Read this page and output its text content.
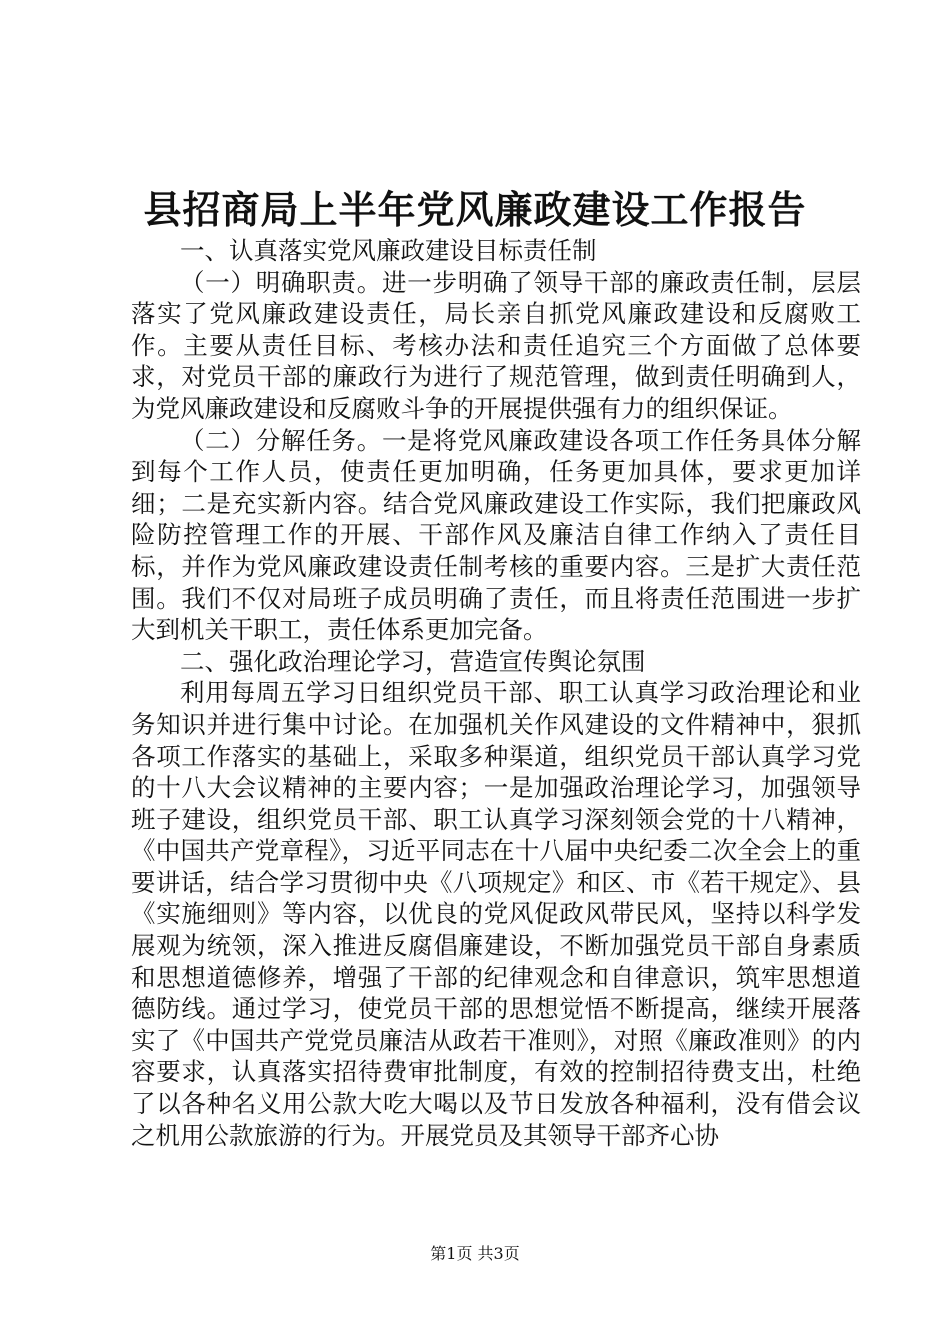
县招商局上半年党风廉政建设工作报告

一、认真落实党风廉政建设目标责任制

（一）明确职责。进一步明确了领导干部的廉政责任制，层层落实了党风廉政建设责任，局长亲自抓党风廉政建设和反腐败工作。主要从责任目标、考核办法和责任追究三个方面做了总体要求，对党员干部的廉政行为进行了规范管理，做到责任明确到人，为党风廉政建设和反腐败斗争的开展提供强有力的组织保证。

（二）分解任务。一是将党风廉政建设各项工作任务具体分解到每个工作人员，使责任更加明确，任务更加具体，要求更加详细；二是充实新内容。结合党风廉政建设工作实际，我们把廉政风险防控管理工作的开展、干部作风及廉洁自律工作纳入了责任目标，并作为党风廉政建设责任制考核的重要内容。三是扩大责任范围。我们不仅对局班子成员明确了责任，而且将责任范围进一步扩大到机关干职工，责任体系更加完备。

二、强化政治理论学习，营造宣传舆论氛围

利用每周五学习日组织党员干部、职工认真学习政治理论和业务知识并进行集中讨论。在加强机关作风建设的文件精神中，狠抓各项工作落实的基础上，采取多种渠道，组织党员干部认真学习党的十八大会议精神的主要内容；一是加强政治理论学习，加强领导班子建设，组织党员干部、职工认真学习深刻领会党的十八精神，《中国共产党章程》，习近平同志在十八届中央纪委二次全会上的重要讲话，结合学习贯彻中央《八项规定》和区、市《若干规定》、县《实施细则》等内容，以优良的党风促政风带民风，坚持以科学发展观为统领，深入推进反腐倡廉建设，不断加强党员干部自身素质和思想道德修养，增强了干部的纪律观念和自律意识，筑牢思想道德防线。通过学习，使党员干部的思想觉悟不断提高，继续开展落实了《中国共产党党员廉洁从政若干准则》，对照《廉政准则》的内容要求，认真落实招待费审批制度，有效的控制招待费支出，杜绝了以各种名义用公款大吃大喝以及节日发放各种福利，没有借会议之机用公款旅游的行为。开展党员及其领导干部齐心协

第1页 共3页
